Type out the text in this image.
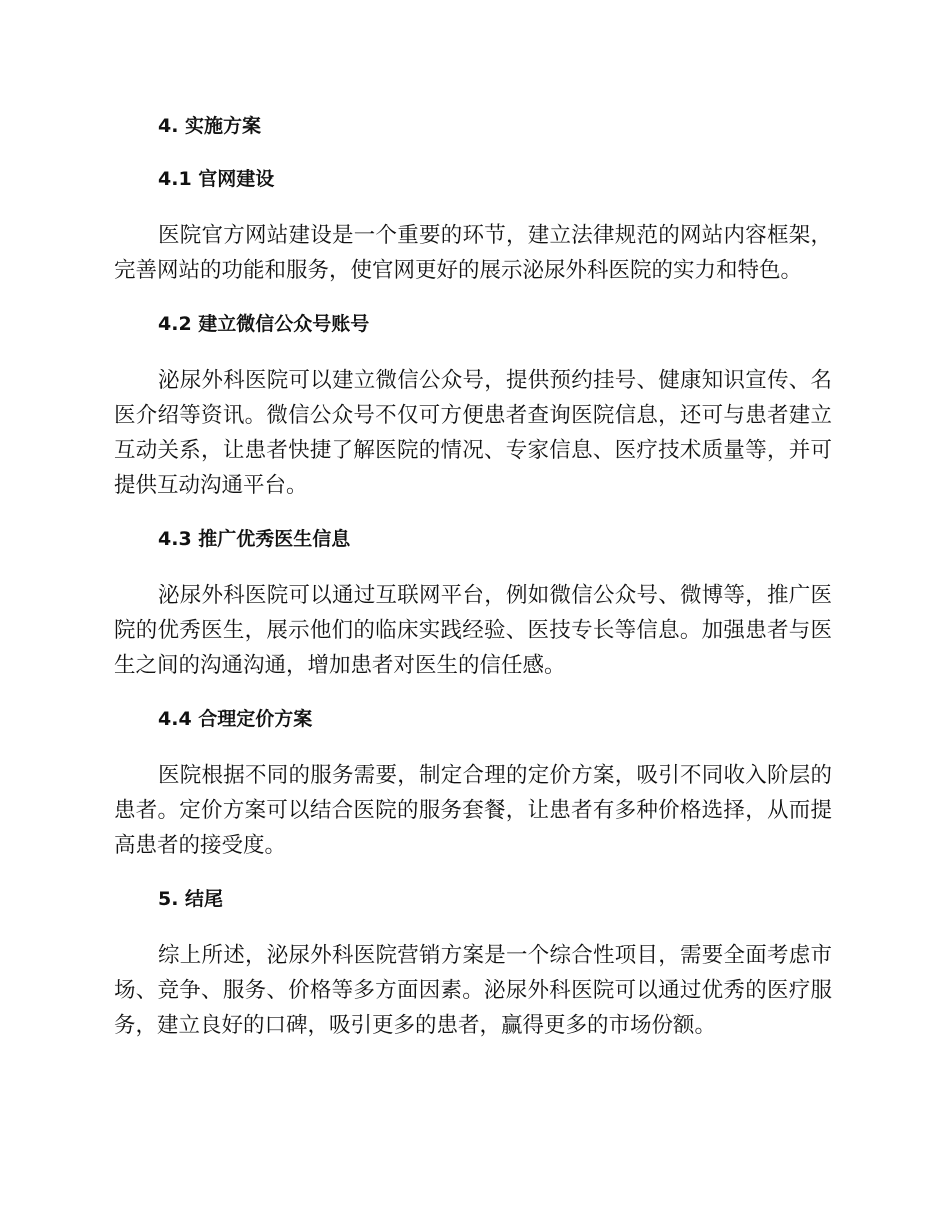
4. 实施方案
4.1 官网建设

医院官方网站建设是一个重要的环节，建立法律规范的网站内容框架，完善网站的功能和服务，使官网更好的展示泌尿外科医院的实力和特色。

4.2 建立微信公众号账号

泌尿外科医院可以建立微信公众号，提供预约挂号、健康知识宣传、名医介绍等资讯。微信公众号不仅可方便患者查询医院信息，还可与患者建立互动关系，让患者快捷了解医院的情况、专家信息、医疗技术质量等，并可提供互动沟通平台。

4.3 推广优秀医生信息

泌尿外科医院可以通过互联网平台，例如微信公众号、微博等，推广医院的优秀医生，展示他们的临床实践经验、医技专长等信息。加强患者与医生之间的沟通沟通，增加患者对医生的信任感。

4.4 合理定价方案

医院根据不同的服务需要，制定合理的定价方案，吸引不同收入阶层的患者。定价方案可以结合医院的服务套餐，让患者有多种价格选择，从而提高患者的接受度。

5. 结尾

综上所述，泌尿外科医院营销方案是一个综合性项目，需要全面考虑市场、竞争、服务、价格等多方面因素。泌尿外科医院可以通过优秀的医疗服务，建立良好的口碑，吸引更多的患者，赢得更多的市场份额。
